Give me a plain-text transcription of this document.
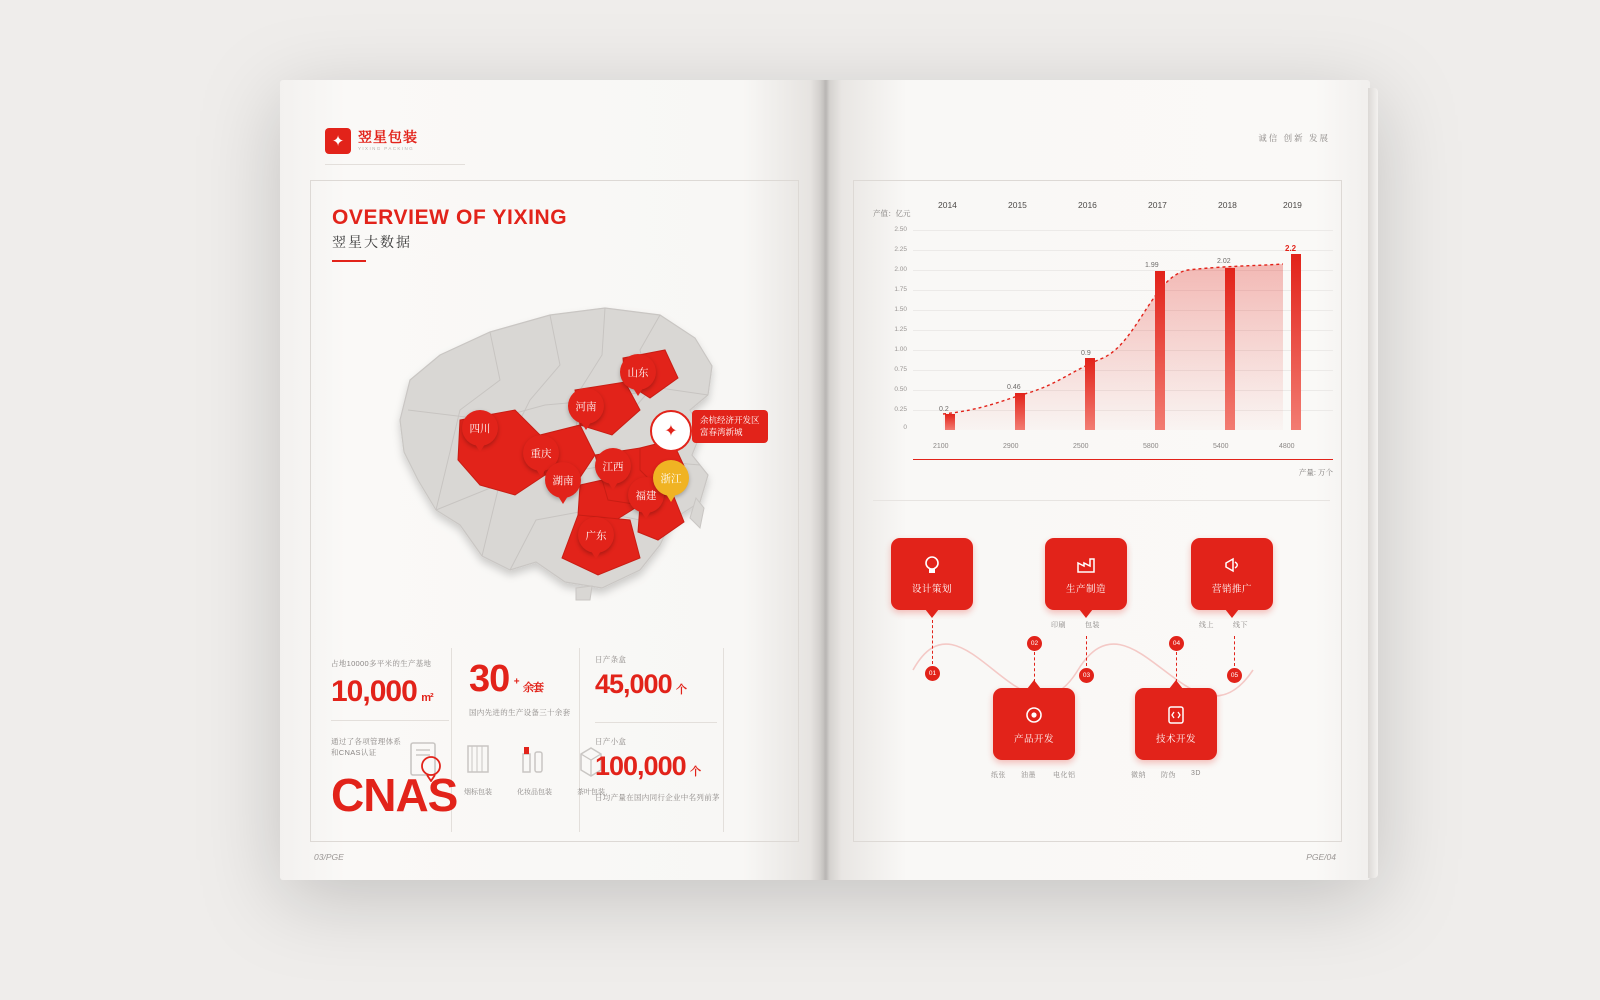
✦ 翌星包装
YIXING PACKING
OVERVIEW OF YIXING
翌星大数据
山东
河南
四川
重庆
江西
湖南
福建
广东
浙江
✦
余杭经济开发区
富春湾新城
占地10000多平米的生产基地
10,000 m²
通过了各项管理体系
和CNAS认证
CNAS
30 + 余套
国内先进的生产设备三十余套
烟标包装	化妆品包装	茶叶包装
日产条盒
45,000 个
日产小盒
100,000 个
日均产量在国内同行企业中名列前茅
03/PGE
诚信 创新 发展
产值：亿元
产量: 万个
2.50
2.25
2.00
1.75
1.50
1.25
1.00
0.75
0.50
0.25
0
2014	2015	2016	2017	2018	2019
0.2
0.46
0.9
1.99
2.02
2.2
2100	2900	2500	5800	5400	4800
设计策划
01
产品开发
02
纸张 油墨 电化铝
生产制造
印刷	包装
03
技术开发
04
微纳 防伪 3D
营销推广
线上	线下
05
PGE/04
